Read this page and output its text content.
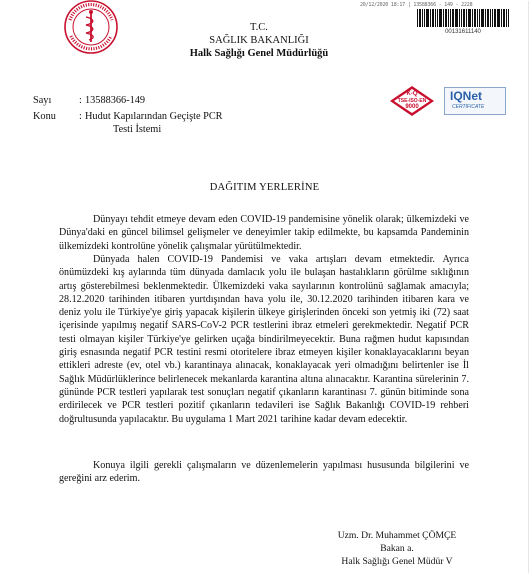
T.C.
SAĞLIK BAKANLIĞI
Halk Sağlığı Genel Müdürlüğü
20/12/2020 18:17 | 13588366 - 149 - 2228
00131611140
Sayı	: 13588366-149
Konu	: Hudut Kapılarından Geçişte PCR
Testi İstemi
K-Q
TSE-ISO-EN
9000
IQNet
CERTIFICATE
DAĞITIM YERLERİNE

Dünyayı tehdit etmeye devam eden COVID-19 pandemisine yönelik olarak; ülkemizdeki ve Dünya'daki en güncel bilimsel gelişmeler ve deneyimler takip edilmekte, bu kapsamda Pandeminin ülkemizdeki kontrolüne yönelik çalışmalar yürütülmektedir.

Dünyada halen COVID-19 Pandemisi ve vaka artışları devam etmektedir. Ayrıca önümüzdeki kış aylarında tüm dünyada damlacık yolu ile bulaşan hastalıkların görülme sıklığının artış gösterebilmesi beklenmektedir. Ülkemizdeki vaka sayılarının kontrolünü sağlamak amacıyla; 28.12.2020 tarihinden itibaren yurtdışından hava yolu ile, 30.12.2020 tarihinden itibaren kara ve deniz yolu ile Türkiye'ye giriş yapacak kişilerin ülkeye girişlerinden önceki son yetmiş iki (72) saat içerisinde yapılmış negatif SARS-CoV-2 PCR testlerini ibraz etmeleri gerekmektedir. Negatif PCR testi olmayan kişiler Türkiye'ye gelirken uçağa bindirilmeyecektir. Buna rağmen hudut kapısından giriş esnasında negatif PCR testini resmi otoritelere ibraz etmeyen kişiler konaklayacaklarını beyan ettikleri adreste (ev, otel vb.) karantinaya alınacak, konaklayacak yeri olmadığını belirtenler ise İl Sağlık Müdürlüklerince belirlenecek mekanlarda karantina altına alınacaktır. Karantina sürelerinin 7. gününde PCR testleri yapılarak test sonuçları negatif çıkanların karantinası 7. günün bitiminde sona erdirilecek ve PCR testleri pozitif çıkanların tedavileri ise Sağlık Bakanlığı COVID-19 rehberi doğrultusunda yapılacaktır. Bu uygulama 1 Mart 2021 tarihine kadar devam edecektir.

Konuya ilgili gerekli çalışmaların ve düzenlemelerin yapılması hususunda bilgilerini ve gereğini arz ederim.

Uzm. Dr. Muhammet ÇÖMÇE
Bakan a.
Halk Sağlığı Genel Müdür V
